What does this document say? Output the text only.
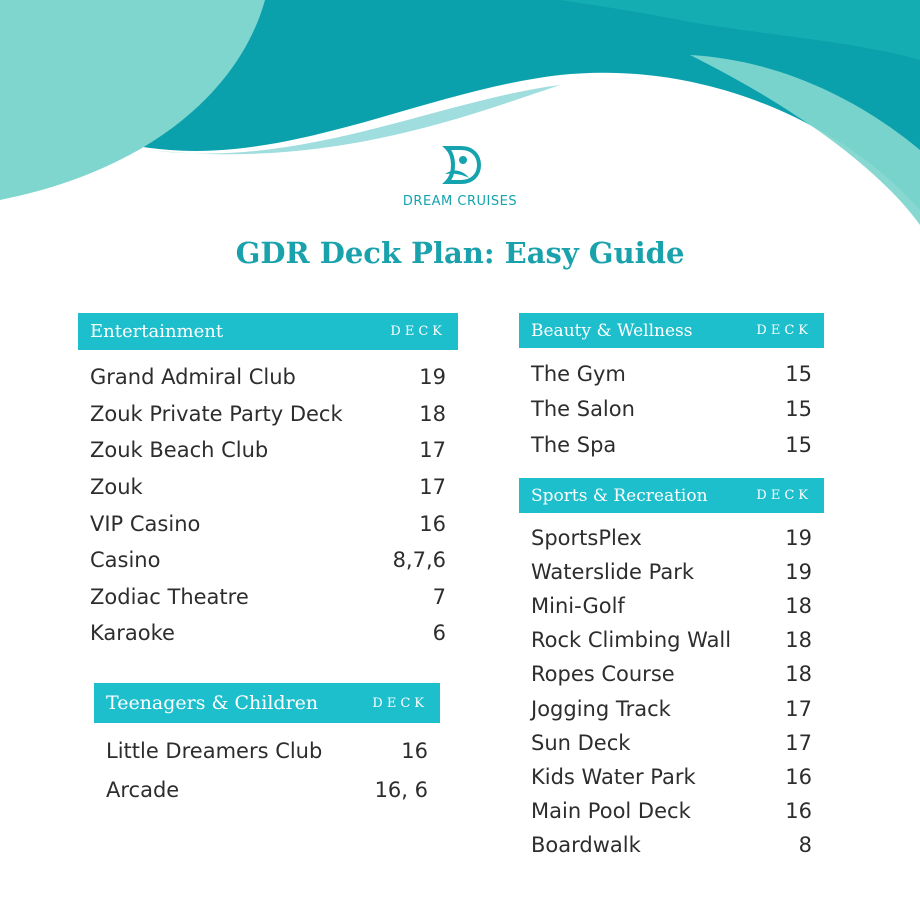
DREAM CRUISES
GDR Deck Plan: Easy Guide
Entertainment	DECK
Grand Admiral Club	19
Zouk Private Party Deck	18
Zouk Beach Club	17
Zouk	17
VIP Casino	16
Casino	8,7,6
Zodiac Theatre	7
Karaoke	6
Teenagers & Children	DECK
Little Dreamers Club	16
Arcade	16, 6
Beauty & Wellness	DECK
The Gym	15
The Salon	15
The Spa	15
Sports & Recreation	DECK
SportsPlex	19
Waterslide Park	19
Mini-Golf	18
Rock Climbing Wall	18
Ropes Course	18
Jogging Track	17
Sun Deck	17
Kids Water Park	16
Main Pool Deck	16
Boardwalk	8
